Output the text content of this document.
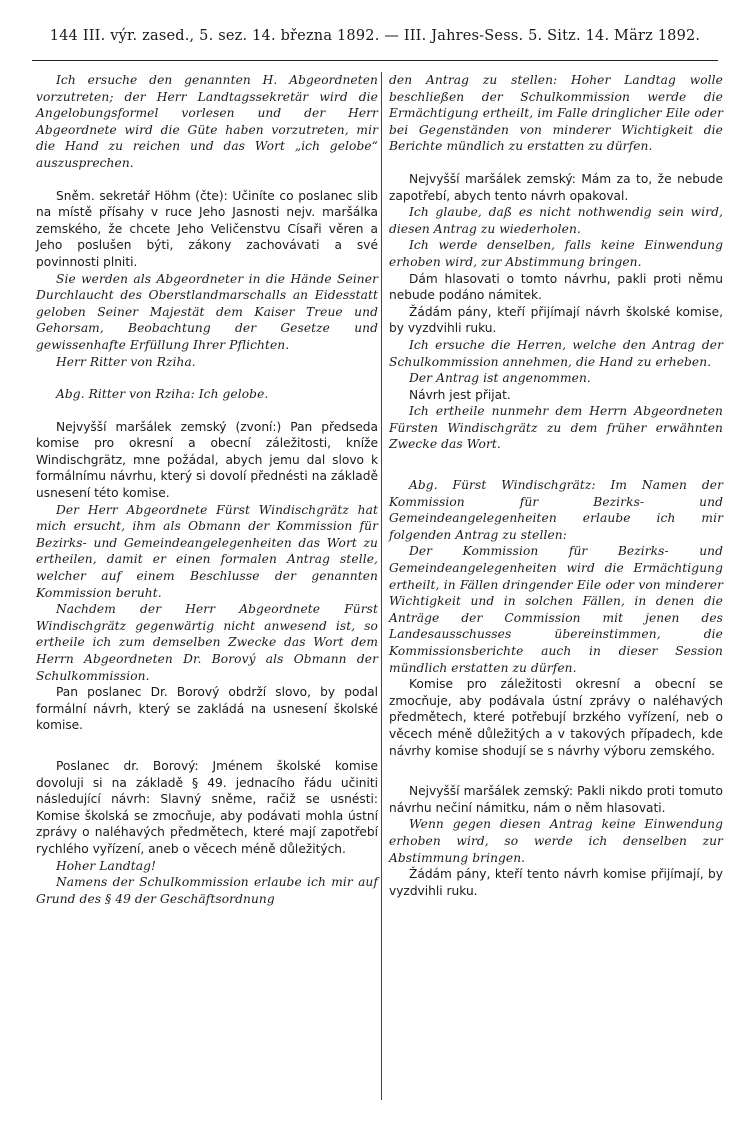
144 III. výr. zased., 5. sez. 14. března 1892. — III. Jahres-Sess. 5. Sitz. 14. März 1892.

Ich ersuche den genannten H. Abgeordneten vorzutreten; der Herr Landtagssekretär wird die Angelobungsformel vorlesen und der Herr Abgeordnete wird die Güte haben vorzutreten, mir die Hand zu reichen und das Wort „ich gelobe“ auszusprechen.

Sněm. sekretář Höhm (čte): Učiníte co poslanec slib na místě přísahy v ruce Jeho Jasnosti nejv. maršálka zemského, že chcete Jeho Veličenstvu Císaři věren a Jeho poslušen býti, zákony zachovávati a své povinnosti plniti.

Sie werden als Abgeordneter in die Hände Seiner Durchlaucht des Oberstlandmarschalls an Eidesstatt geloben Seiner Majestät dem Kaiser Treue und Gehorsam, Beobachtung der Gesetze und gewissenhafte Erfüllung Ihrer Pflichten.

Herr Ritter von Rziha.

Abg. Ritter von Rziha: Ich gelobe.

Nejvyšší maršálek zemský (zvoní:) Pan předseda komise pro okresní a obecní záležitosti, kníže Windischgrätz, mne požádal, abych jemu dal slovo k formálnímu návrhu, který si dovolí přednésti na základě usnesení této komise.

Der Herr Abgeordnete Fürst Windischgrätz hat mich ersucht, ihm als Obmann der Kommission für Bezirks- und Gemeindeangelegenheiten das Wort zu ertheilen, damit er einen formalen Antrag stelle, welcher auf einem Beschlusse der genannten Kommission beruht.

Nachdem der Herr Abgeordnete Fürst Windischgrätz gegenwärtig nicht anwesend ist, so ertheile ich zum demselben Zwecke das Wort dem Herrn Abgeordneten Dr. Borový als Obmann der Schulkommission.

Pan poslanec Dr. Borový obdrží slovo, by podal formální návrh, který se zakládá na usnesení školské komise.

Poslanec dr. Borový: Jménem školské komise dovoluji si na základě § 49. jednacího řádu učiniti následující návrh: Slavný sněme, račiž se usnésti: Komise školská se zmocňuje, aby podávati mohla ústní zprávy o naléhavých předmětech, které mají zapotřebí rychlého vyřízení, aneb o věcech méně důležitých.

Hoher Landtag!

Namens der Schulkommission erlaube ich mir auf Grund des § 49 der Geschäftsordnung

den Antrag zu stellen: Hoher Landtag wolle beschließen der Schulkommission werde die Ermächtigung ertheilt, im Falle dringlicher Eile oder bei Gegenständen von minderer Wichtigkeit die Berichte mündlich zu erstatten zu dürfen.

Nejvyšší maršálek zemský: Mám za to, že nebude zapotřebí, abych tento návrh opakoval.

Ich glaube, daß es nicht nothwendig sein wird, diesen Antrag zu wiederholen.

Ich werde denselben, falls keine Einwendung erhoben wird, zur Abstimmung bringen.

Dám hlasovati o tomto návrhu, pakli proti němu nebude podáno námitek.

Žádám pány, kteří přijímají návrh školské komise, by vyzdvihli ruku.

Ich ersuche die Herren, welche den Antrag der Schulkommission annehmen, die Hand zu erheben.

Der Antrag ist angenommen.

Návrh jest přijat.

Ich ertheile nunmehr dem Herrn Abgeordneten Fürsten Windischgrätz zu dem früher erwähnten Zwecke das Wort.

Abg. Fürst Windischgrätz: Im Namen der Kommission für Bezirks- und Gemeindeangelegenheiten erlaube ich mir folgenden Antrag zu stellen:

Der Kommission für Bezirks- und Gemeindeangelegenheiten wird die Ermächtigung ertheilt, in Fällen dringender Eile oder von minderer Wichtigkeit und in solchen Fällen, in denen die Anträge der Commission mit jenen des Landesausschusses übereinstimmen, die Kommissionsberichte auch in dieser Session mündlich erstatten zu dürfen.

Komise pro záležitosti okresní a obecní se zmocňuje, aby podávala ústní zprávy o naléhavých předmětech, které potřebují brzkého vyřízení, neb o věcech méně důležitých a v takových případech, kde návrhy komise shodují se s návrhy výboru zemského.

Nejvyšší maršálek zemský: Pakli nikdo proti tomuto návrhu nečiní námitku, nám o něm hlasovati.

Wenn gegen diesen Antrag keine Einwendung erhoben wird, so werde ich denselben zur Abstimmung bringen.

Žádám pány, kteří tento návrh komise přijímají, by vyzdvihli ruku.
